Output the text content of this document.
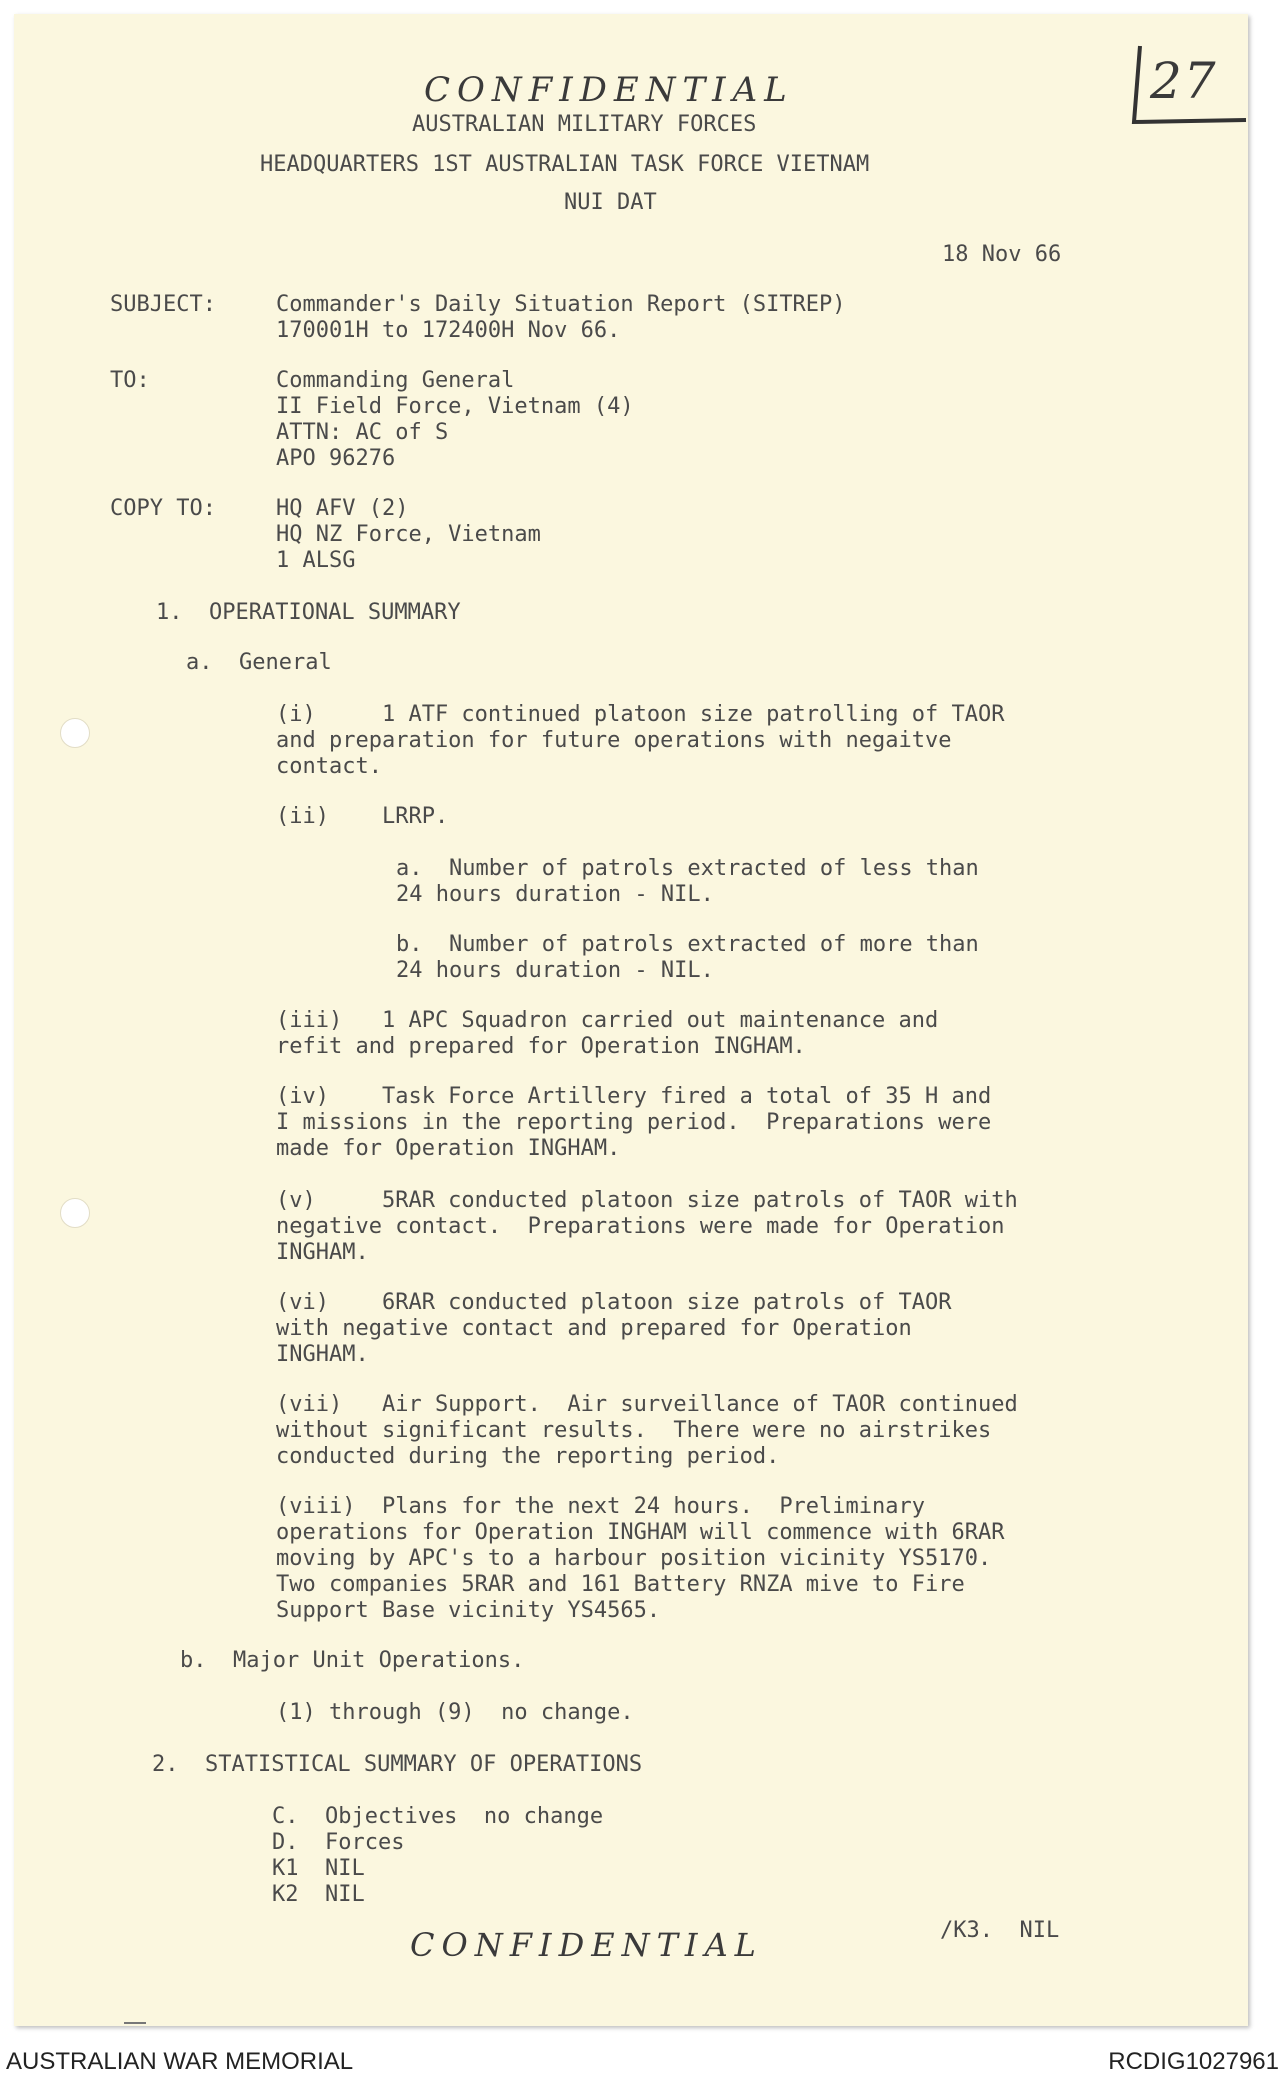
CONFIDENTIAL	27

AUSTRALIAN MILITARY FORCES

HEADQUARTERS 1ST AUSTRALIAN TASK FORCE VIETNAM

NUI DAT

18 Nov 66

SUBJECT:	Commander's Daily Situation Report (SITREP)

170001H to 172400H Nov 66.

TO:	Commanding General

II Field Force, Vietnam (4)

ATTN: AC of S

APO 96276

COPY TO:	HQ AFV (2)

HQ NZ Force, Vietnam

1 ALSG

1.  OPERATIONAL SUMMARY

a.  General

(i)     1 ATF continued platoon size patrolling of TAOR

and preparation for future operations with negaitve

contact.

(ii)    LRRP.

a.  Number of patrols extracted of less than

24 hours duration - NIL.

b.  Number of patrols extracted of more than

24 hours duration - NIL.

(iii)   1 APC Squadron carried out maintenance and

refit and prepared for Operation INGHAM.

(iv)    Task Force Artillery fired a total of 35 H and

I missions in the reporting period.  Preparations were

made for Operation INGHAM.

(v)     5RAR conducted platoon size patrols of TAOR with

negative contact.  Preparations were made for Operation

INGHAM.

(vi)    6RAR conducted platoon size patrols of TAOR

with negative contact and prepared for Operation

INGHAM.

(vii)   Air Support.  Air surveillance of TAOR continued

without significant results.  There were no airstrikes

conducted during the reporting period.

(viii)  Plans for the next 24 hours.  Preliminary

operations for Operation INGHAM will commence with 6RAR

moving by APC's to a harbour position vicinity YS5170.

Two companies 5RAR and 161 Battery RNZA mive to Fire

Support Base vicinity YS4565.

b.  Major Unit Operations.

(1) through (9)  no change.

2.  STATISTICAL SUMMARY OF OPERATIONS

C.  Objectives  no change

D.  Forces

K1  NIL

K2  NIL

CONFIDENTIAL	/K3.  NIL

AUSTRALIAN WAR MEMORIAL	RCDIG1027961
